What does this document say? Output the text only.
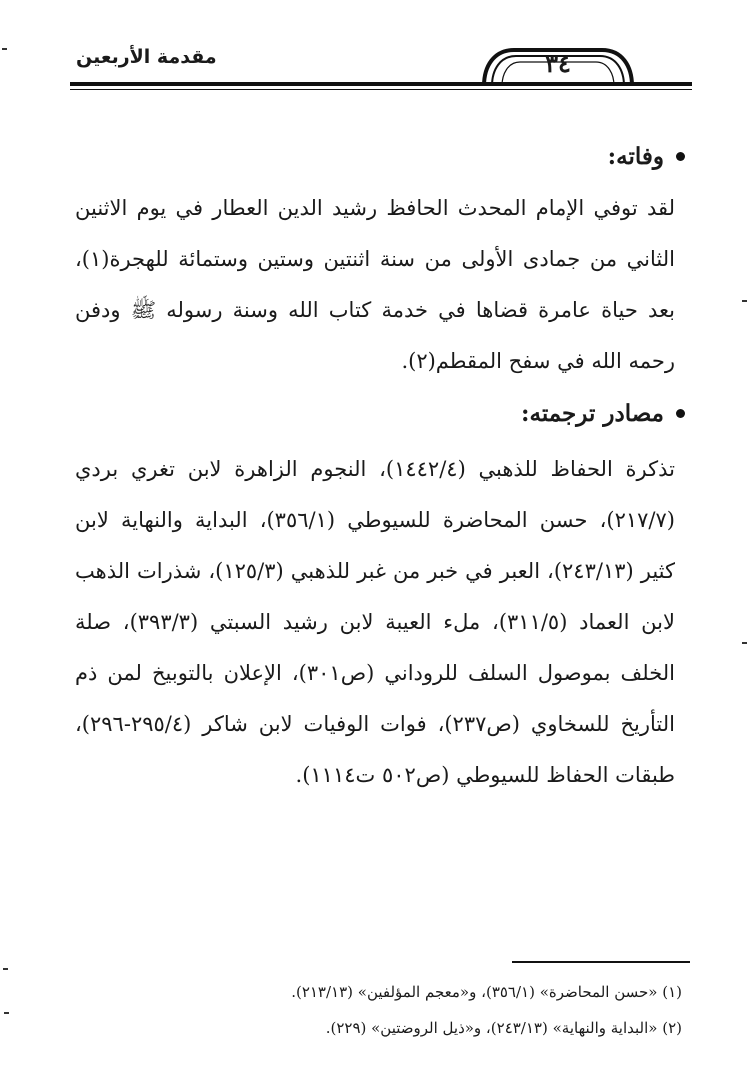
مقدمة الأربعين	٣٤
وفاته:
لقد توفي الإمام المحدث الحافظ رشيد الدين العطار في يوم الاثنين الثاني من جمادى الأولى من سنة اثنتين وستين وستمائة للهجرة(١)، بعد حياة عامرة قضاها في خدمة كتاب الله وسنة رسوله ﷺ ودفن رحمه الله في سفح المقطم(٢).
مصادر ترجمته:
تذكرة الحفاظ للذهبي (١٤٤٢/٤)، النجوم الزاهرة لابن تغري بردي (٢١٧/٧)، حسن المحاضرة للسيوطي (٣٥٦/١)، البداية والنهاية لابن كثير (٢٤٣/١٣)، العبر في خبر من غبر للذهبي (١٢٥/٣)، شذرات الذهب لابن العماد (٣١١/٥)، ملء العيبة لابن رشيد السبتي (٣٩٣/٣)، صلة الخلف بموصول السلف للروداني (ص٣٠١)، الإعلان بالتوبيخ لمن ذم التأريخ للسخاوي (ص٢٣٧)، فوات الوفيات لابن شاكر (٢٩٥/٤-٢٩٦)، طبقات الحفاظ للسيوطي (ص٥٠٢ ت١١١٤).
(١) «حسن المحاضرة» (٣٥٦/١)، و«معجم المؤلفين» (٢١٣/١٣).
(٢) «البداية والنهاية» (٢٤٣/١٣)، و«ذيل الروضتين» (٢٢٩).
